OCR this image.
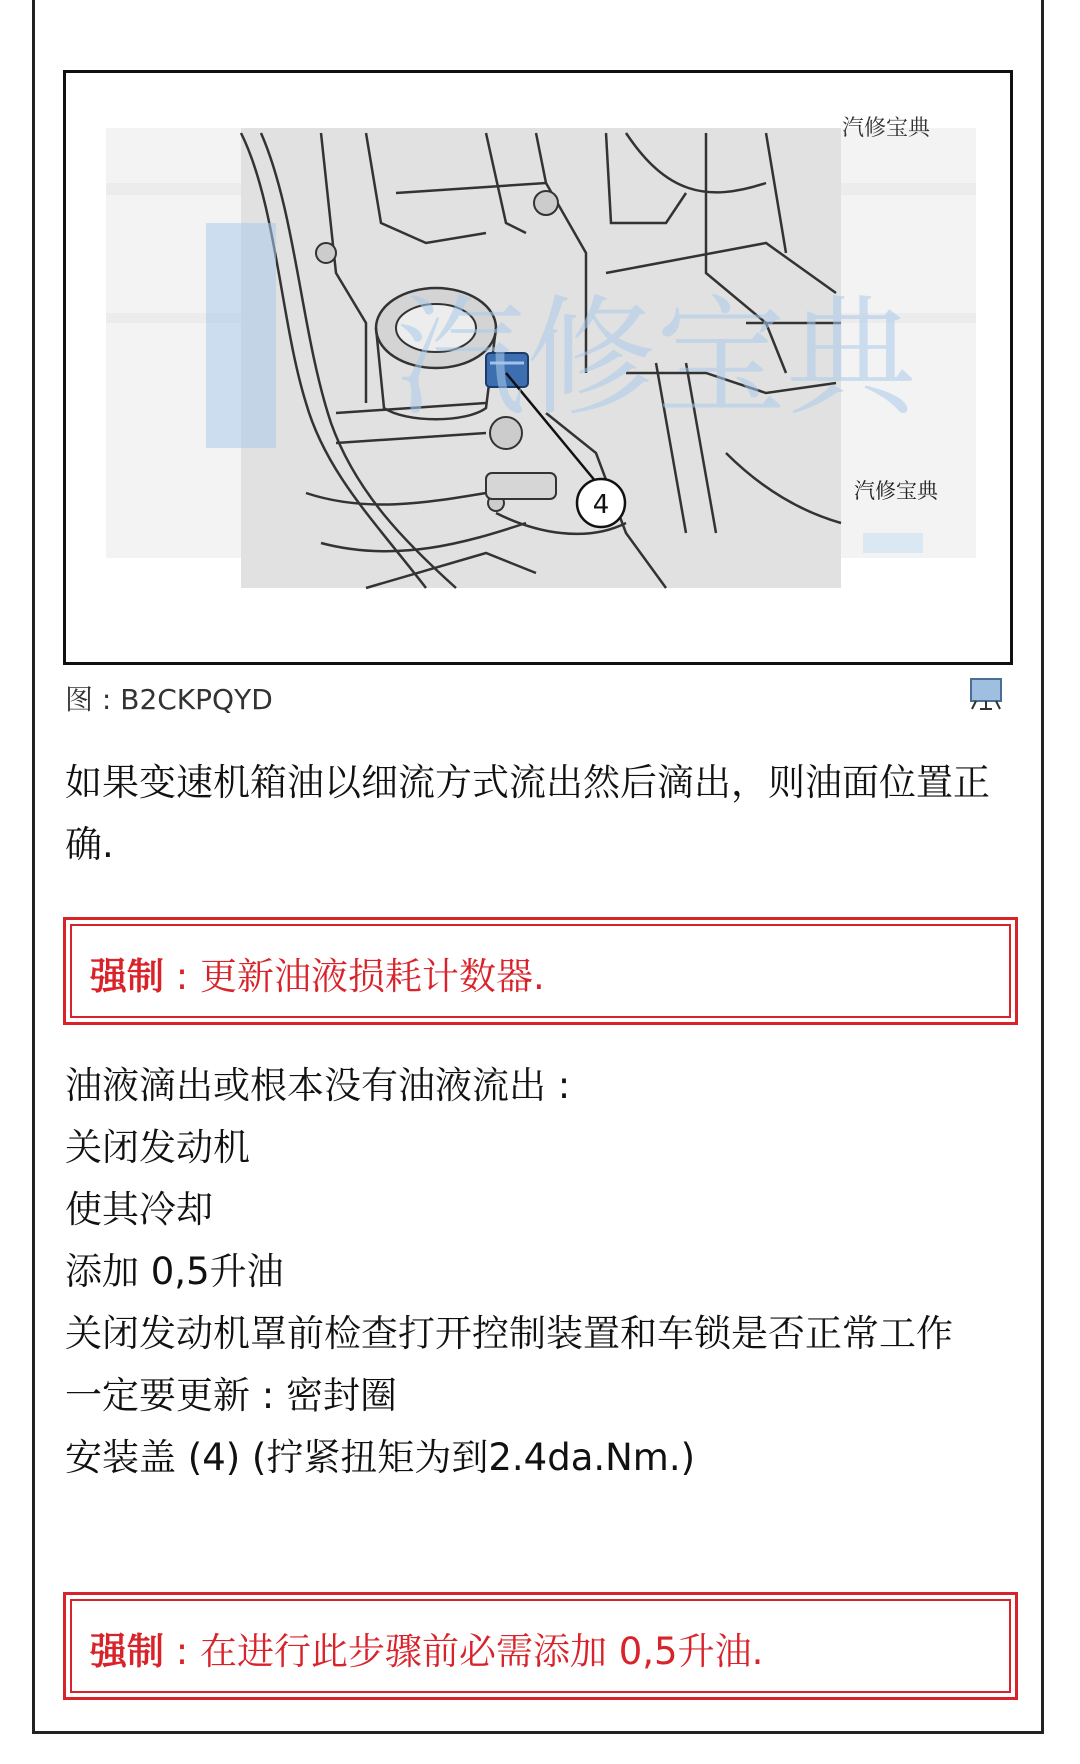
4
汽修宝典
汽修宝典
汽修宝典
图 : B2CKPQYD
如果变速机箱油以细流方式流出然后滴出，则油面位置正确.
强制 : 更新油液损耗计数器.
油液滴出或根本没有油液流出 :
关闭发动机
使其冷却
添加 0,5升油
关闭发动机罩前检查打开控制装置和车锁是否正常工作
一定要更新 : 密封圈
安装盖 (4) (拧紧扭矩为到2.4da.Nm.)
强制 : 在进行此步骤前必需添加 0,5升油.
